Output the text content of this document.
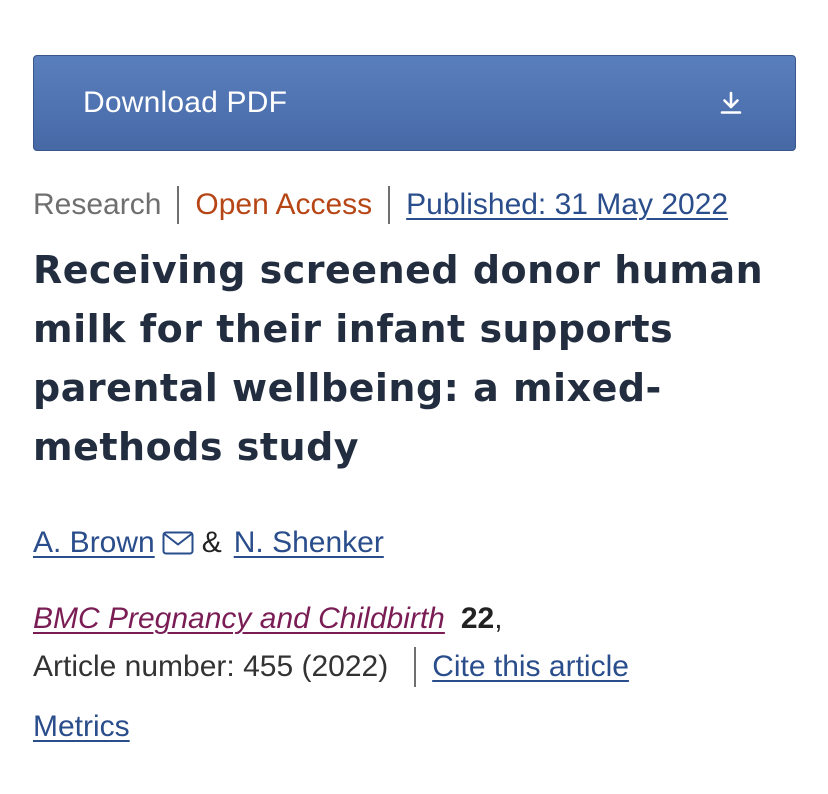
Download PDF
Research Open Access Published: 31 May 2022
Receiving screened donor human milk for their infant supports parental wellbeing: a mixed-methods study
A. Brown & N. Shenker
BMC Pregnancy and Childbirth 22,
Article number: 455 (2022) Cite this article
Metrics
